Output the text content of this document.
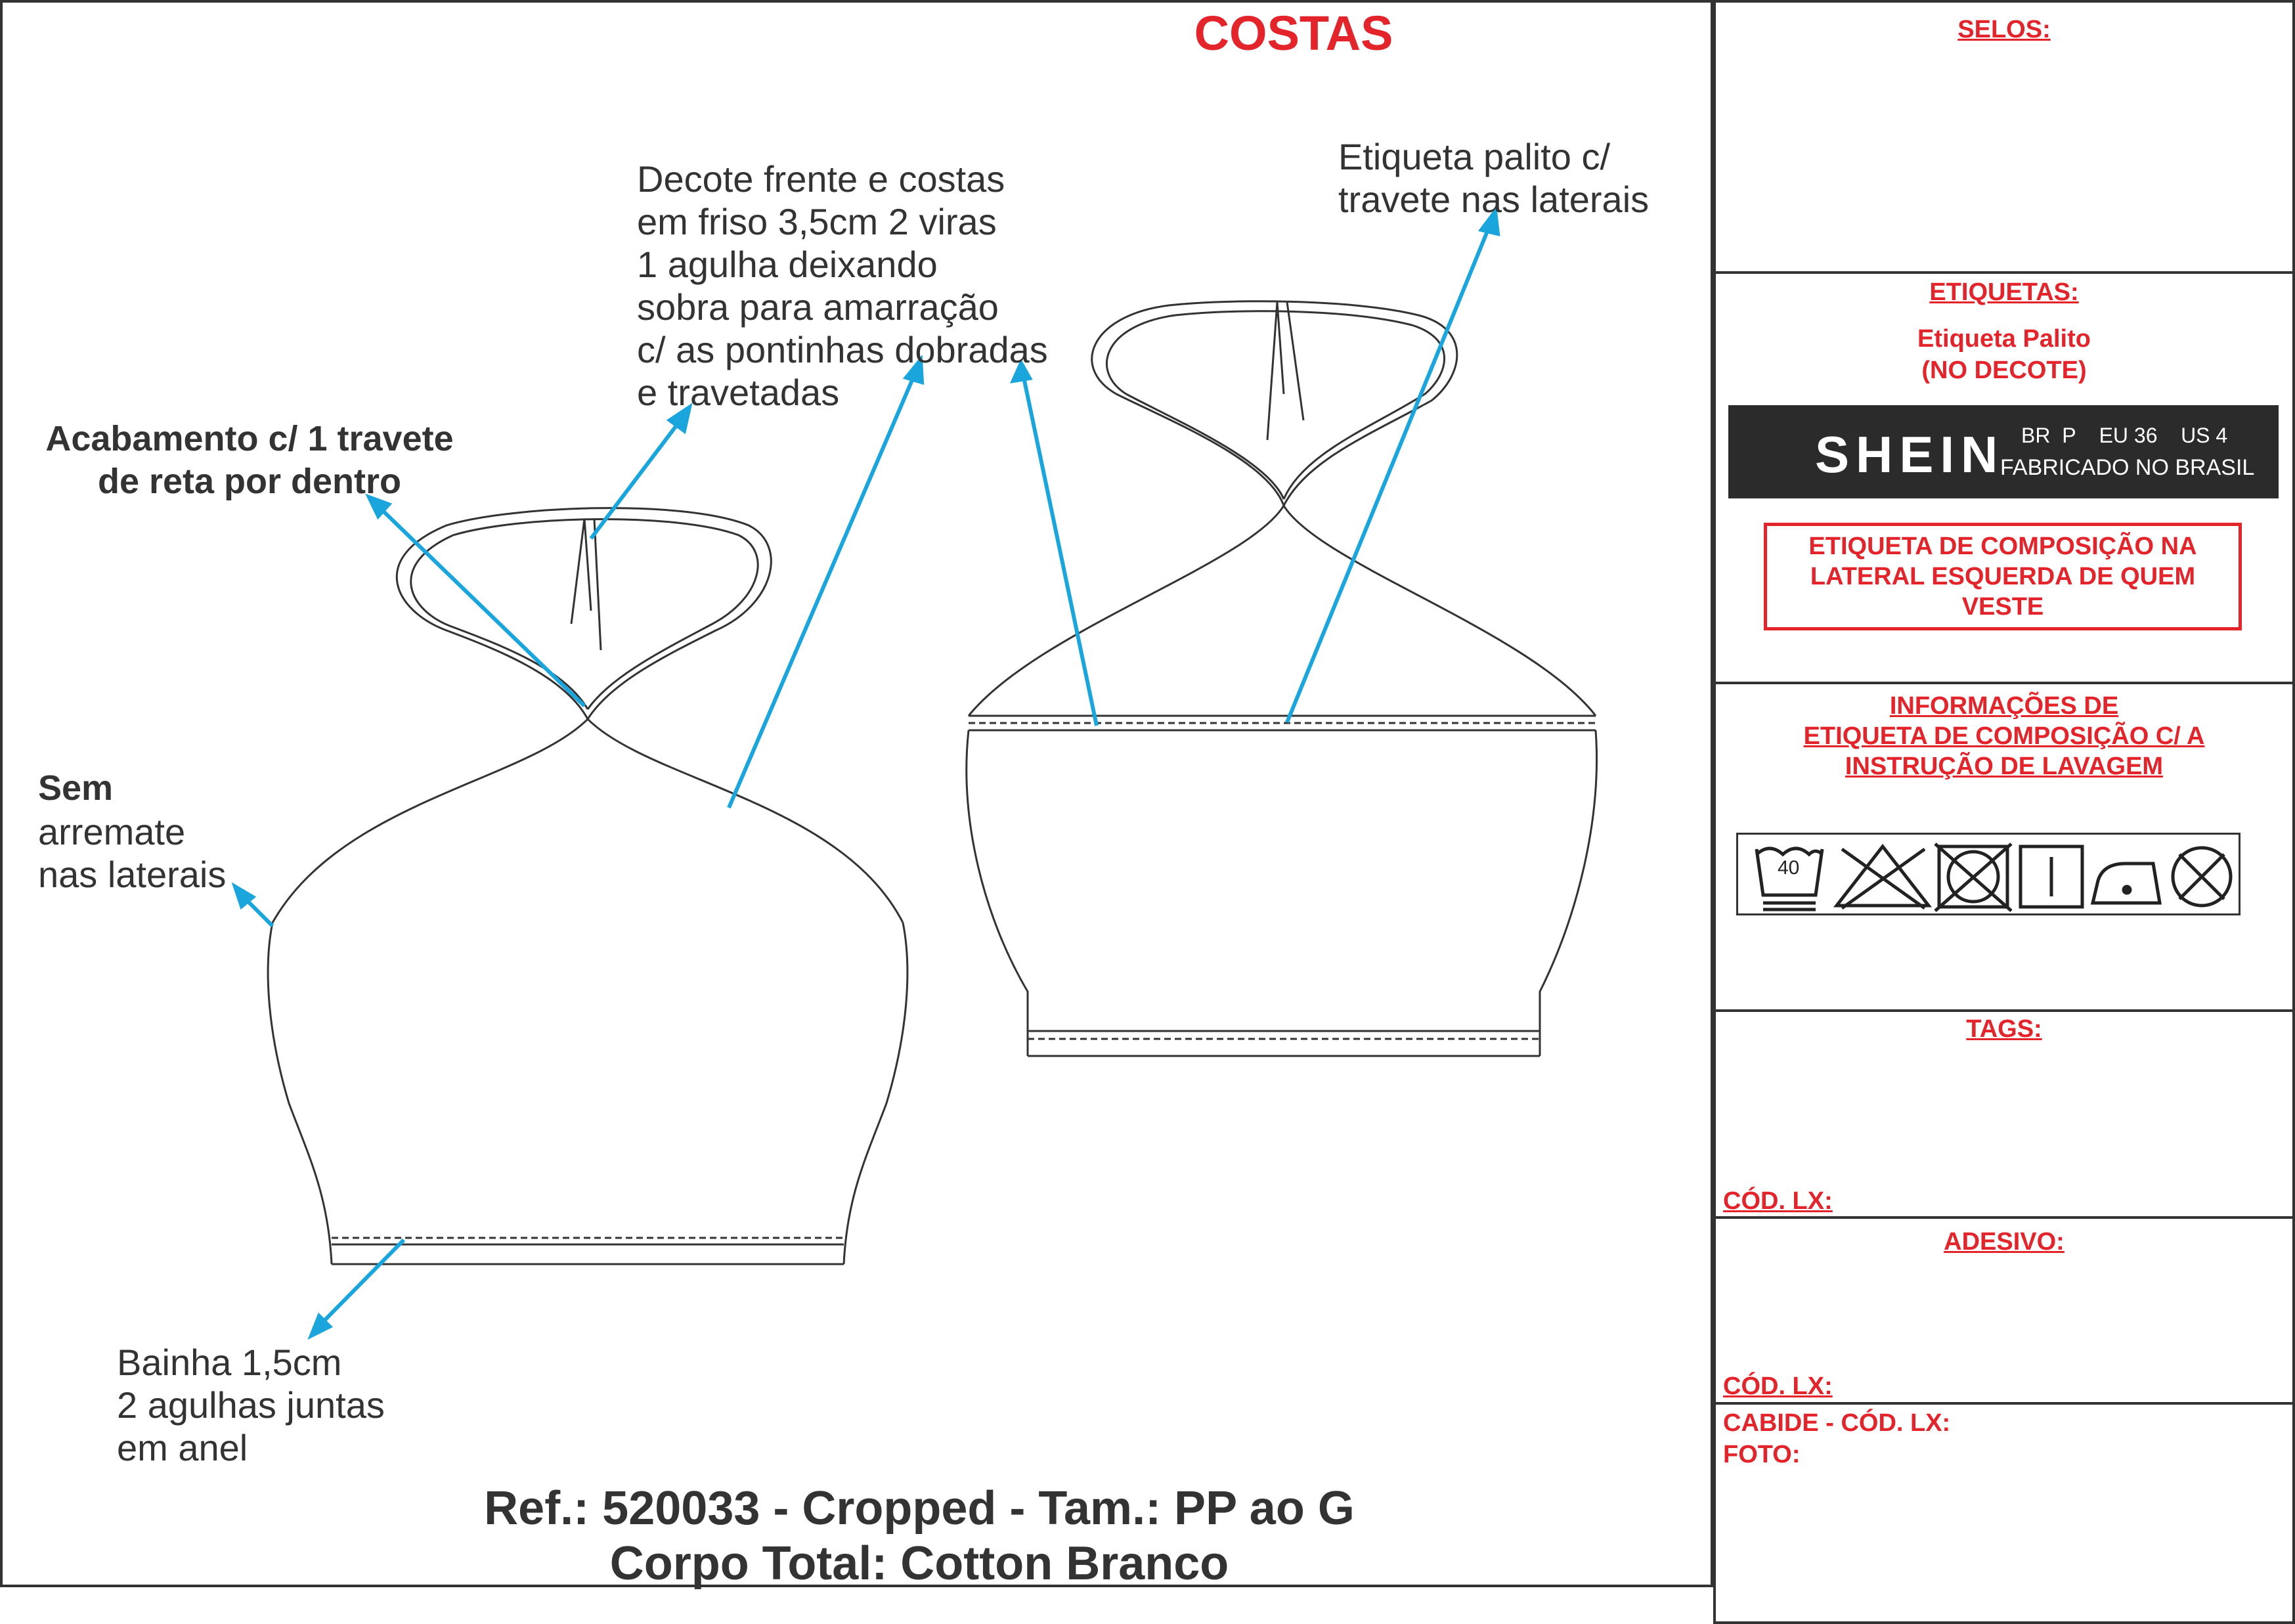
COSTAS
Decote frente e costas
em friso 3,5cm 2 viras
1 agulha deixando
sobra para amarração
c/ as pontinhas dobradas
e travetadas
Etiqueta palito c/
travete nas laterais
Acabamento c/ 1 travete
de reta por dentro
Sem
arremate
nas laterais
Bainha 1,5cm
2 agulhas juntas
em anel
Ref.: 520033 - Cropped - Tam.: PP ao G
Corpo Total: Cotton Branco
SELOS:
ETIQUETAS:
Etiqueta Palito
(NO DECOTE)
SHEIN BR  P    EU 36    US 4
FABRICADO NO BRASIL
ETIQUETA DE COMPOSIÇÃO NA LATERAL ESQUERDA DE QUEM VESTE
INFORMAÇÕES DE
ETIQUETA DE COMPOSIÇÃO C/ A
INSTRUÇÃO DE LAVAGEM
40
TAGS:
CÓD. LX:
ADESIVO:
CÓD. LX:
CABIDE - CÓD. LX:
FOTO:
